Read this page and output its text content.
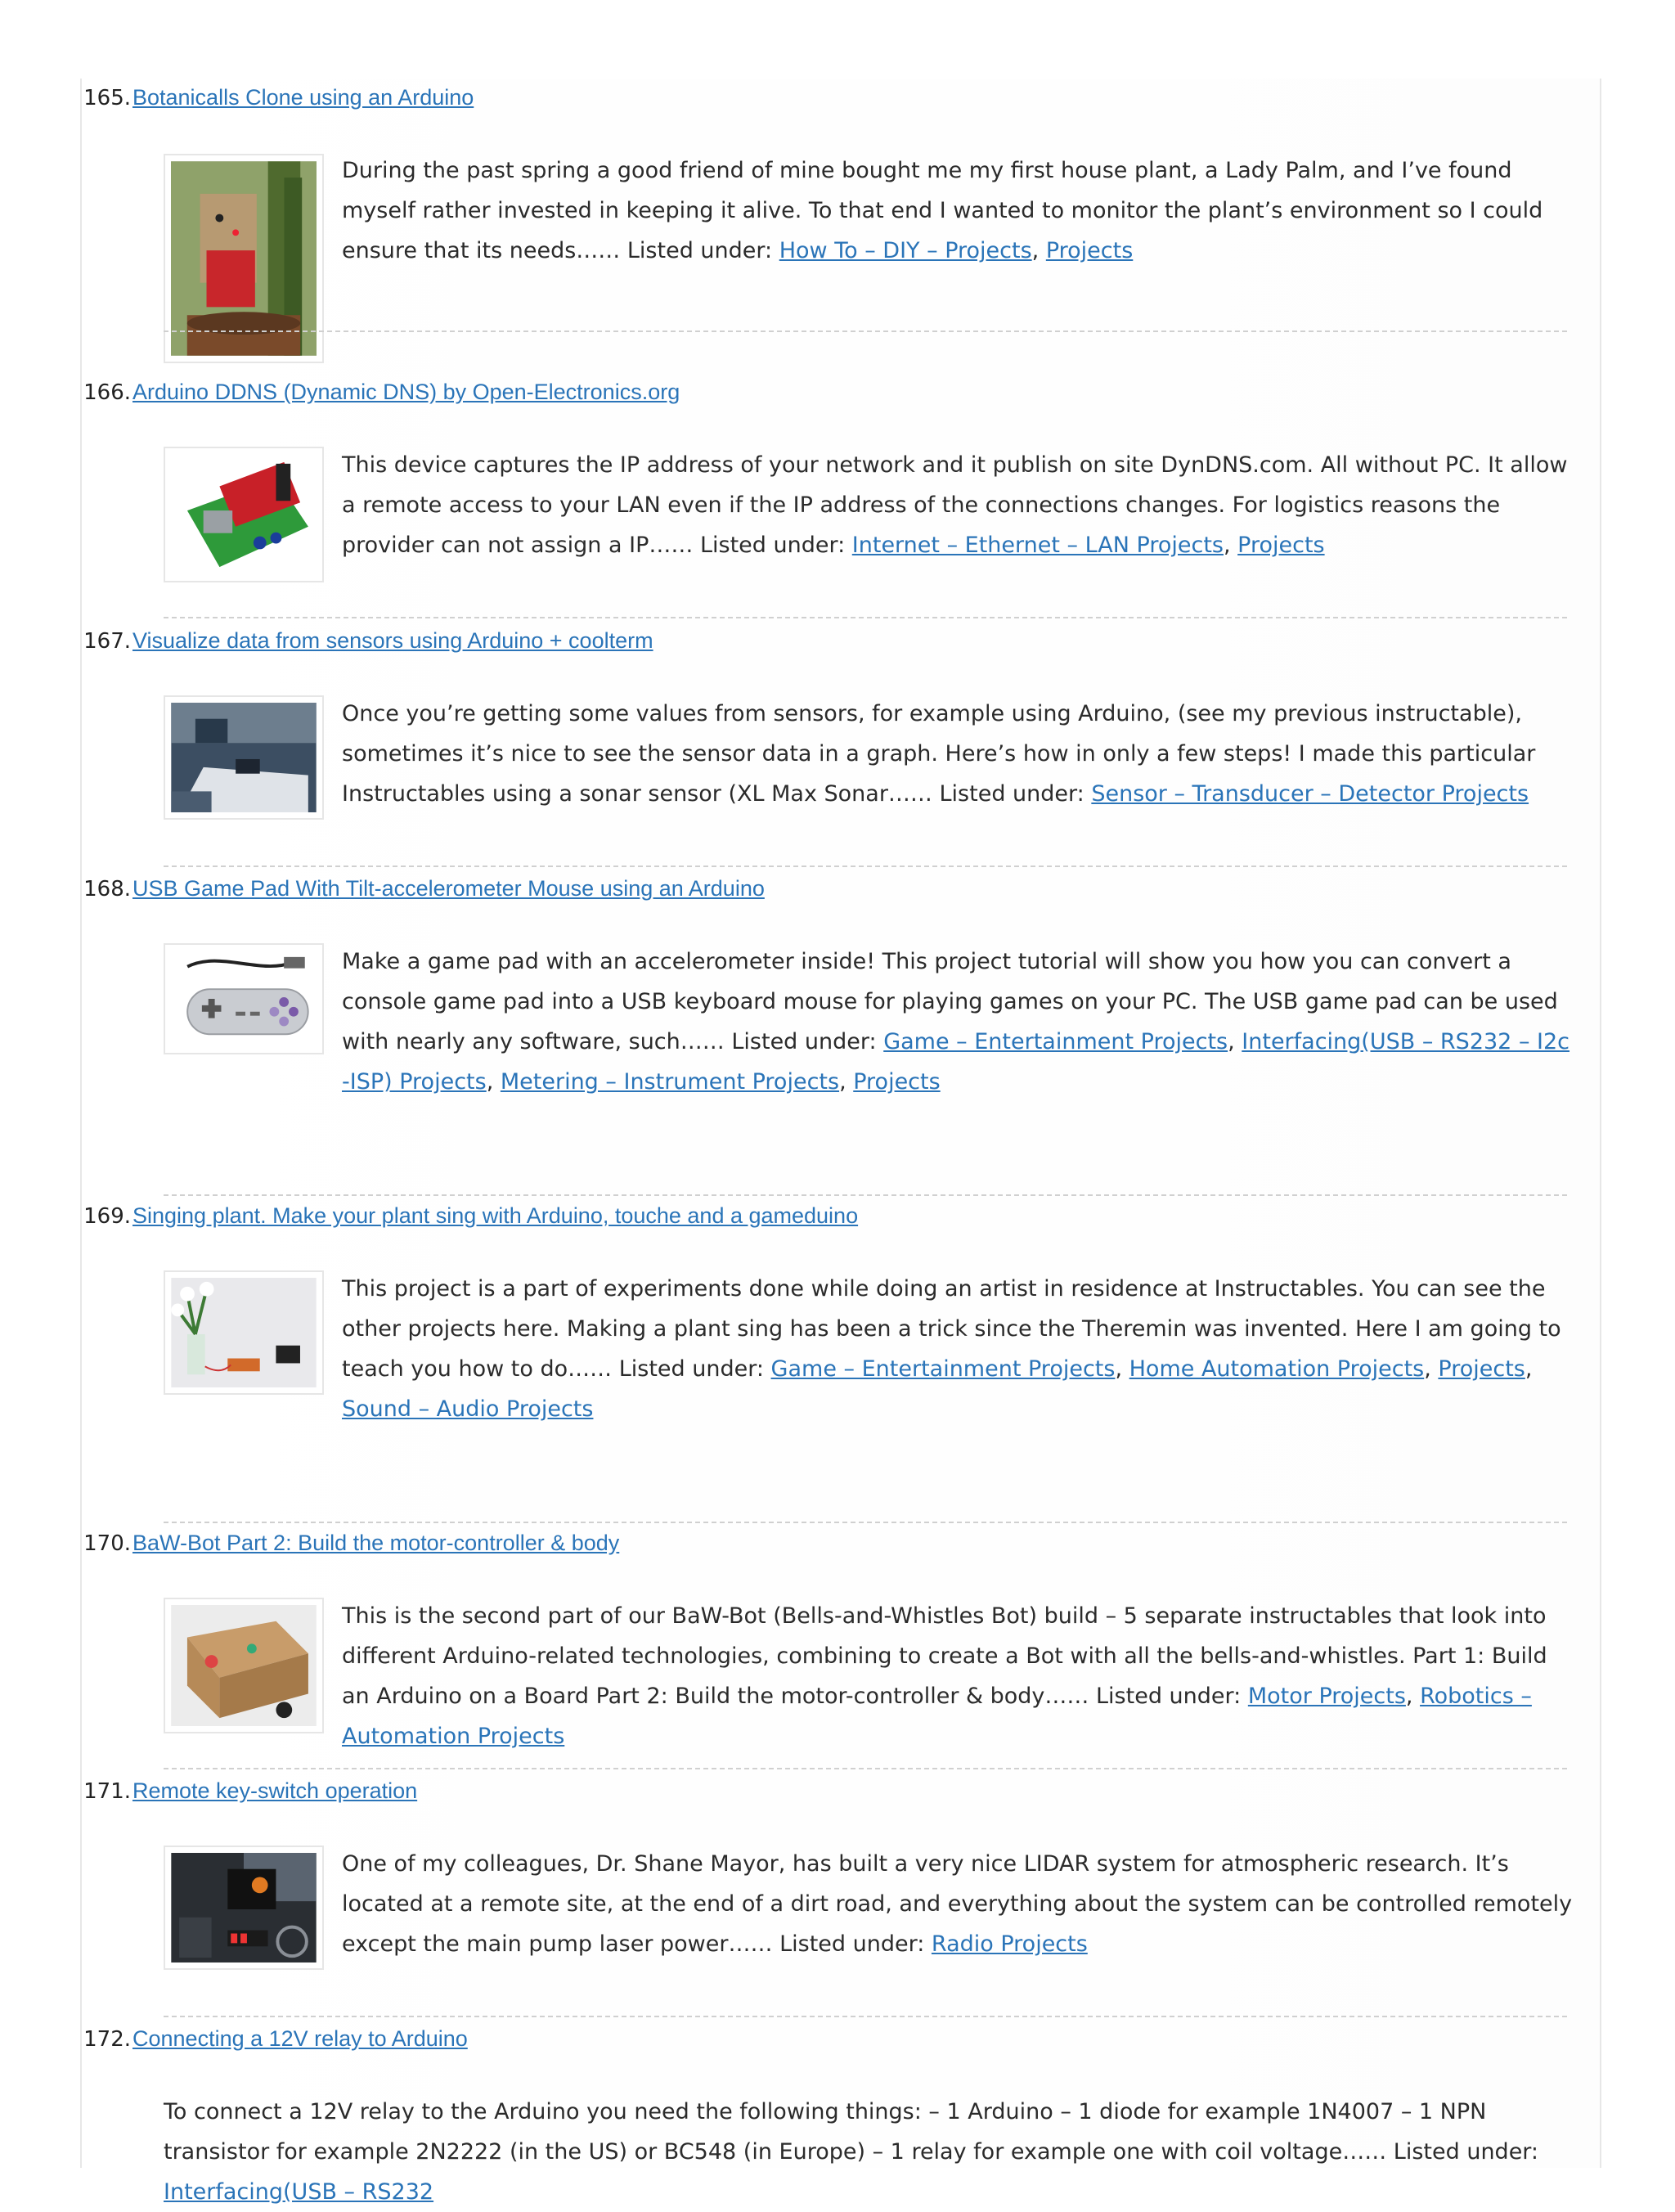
165. Botanicalls Clone using an Arduino

During the past spring a good friend of mine bought me my first house plant, a Lady Palm, and I’ve found myself rather invested in keeping it alive. To that end I wanted to monitor the plant’s environment so I could ensure that its needs…… Listed under: How To – DIY – Projects, Projects

166. Arduino DDNS (Dynamic DNS) by Open-Electronics.org

This device captures the IP address of your network and it publish on site DynDNS.com. All without PC. It allow a remote access to your LAN even if the IP address of the connections changes. For logistics reasons the provider can not assign a IP…… Listed under: Internet – Ethernet – LAN Projects, Projects

167. Visualize data from sensors using Arduino + coolterm

Once you’re getting some values from sensors, for example using Arduino, (see my previous instructable), sometimes it’s nice to see the sensor data in a graph. Here’s how in only a few steps! I made this particular Instructables using a sonar sensor (XL Max Sonar…… Listed under: Sensor – Transducer – Detector Projects

168. USB Game Pad With Tilt-accelerometer Mouse using an Arduino

Make a game pad with an accelerometer inside! This project tutorial will show you how you can convert a console game pad into a USB keyboard mouse for playing games on your PC. The USB game pad can be used with nearly any software, such…… Listed under: Game – Entertainment Projects, Interfacing(USB – RS232 – I2c -ISP) Projects, Metering – Instrument Projects, Projects

169. Singing plant. Make your plant sing with Arduino, touche and a gameduino

This project is a part of experiments done while doing an artist in residence at Instructables. You can see the other projects here. Making a plant sing has been a trick since the Theremin was invented. Here I am going to teach you how to do…… Listed under: Game – Entertainment Projects, Home Automation Projects, Projects, Sound – Audio Projects

170. BaW-Bot Part 2: Build the motor-controller & body

This is the second part of our BaW-Bot (Bells-and-Whistles Bot) build – 5 separate instructables that look into different Arduino-related technologies, combining to create a Bot with all the bells-and-whistles. Part 1: Build an Arduino on a Board Part 2: Build the motor-controller & body…… Listed under: Motor Projects, Robotics – Automation Projects

171. Remote key-switch operation

One of my colleagues, Dr. Shane Mayor, has built a very nice LIDAR system for atmospheric research. It’s located at a remote site, at the end of a dirt road, and everything about the system can be controlled remotely except the main pump laser power…… Listed under: Radio Projects

172. Connecting a 12V relay to Arduino

To connect a 12V relay to the Arduino you need the following things: – 1 Arduino – 1 diode for example 1N4007 – 1 NPN transistor for example 2N2222 (in the US) or BC548 (in Europe) – 1 relay for example one with coil voltage…… Listed under: Interfacing(USB – RS232
